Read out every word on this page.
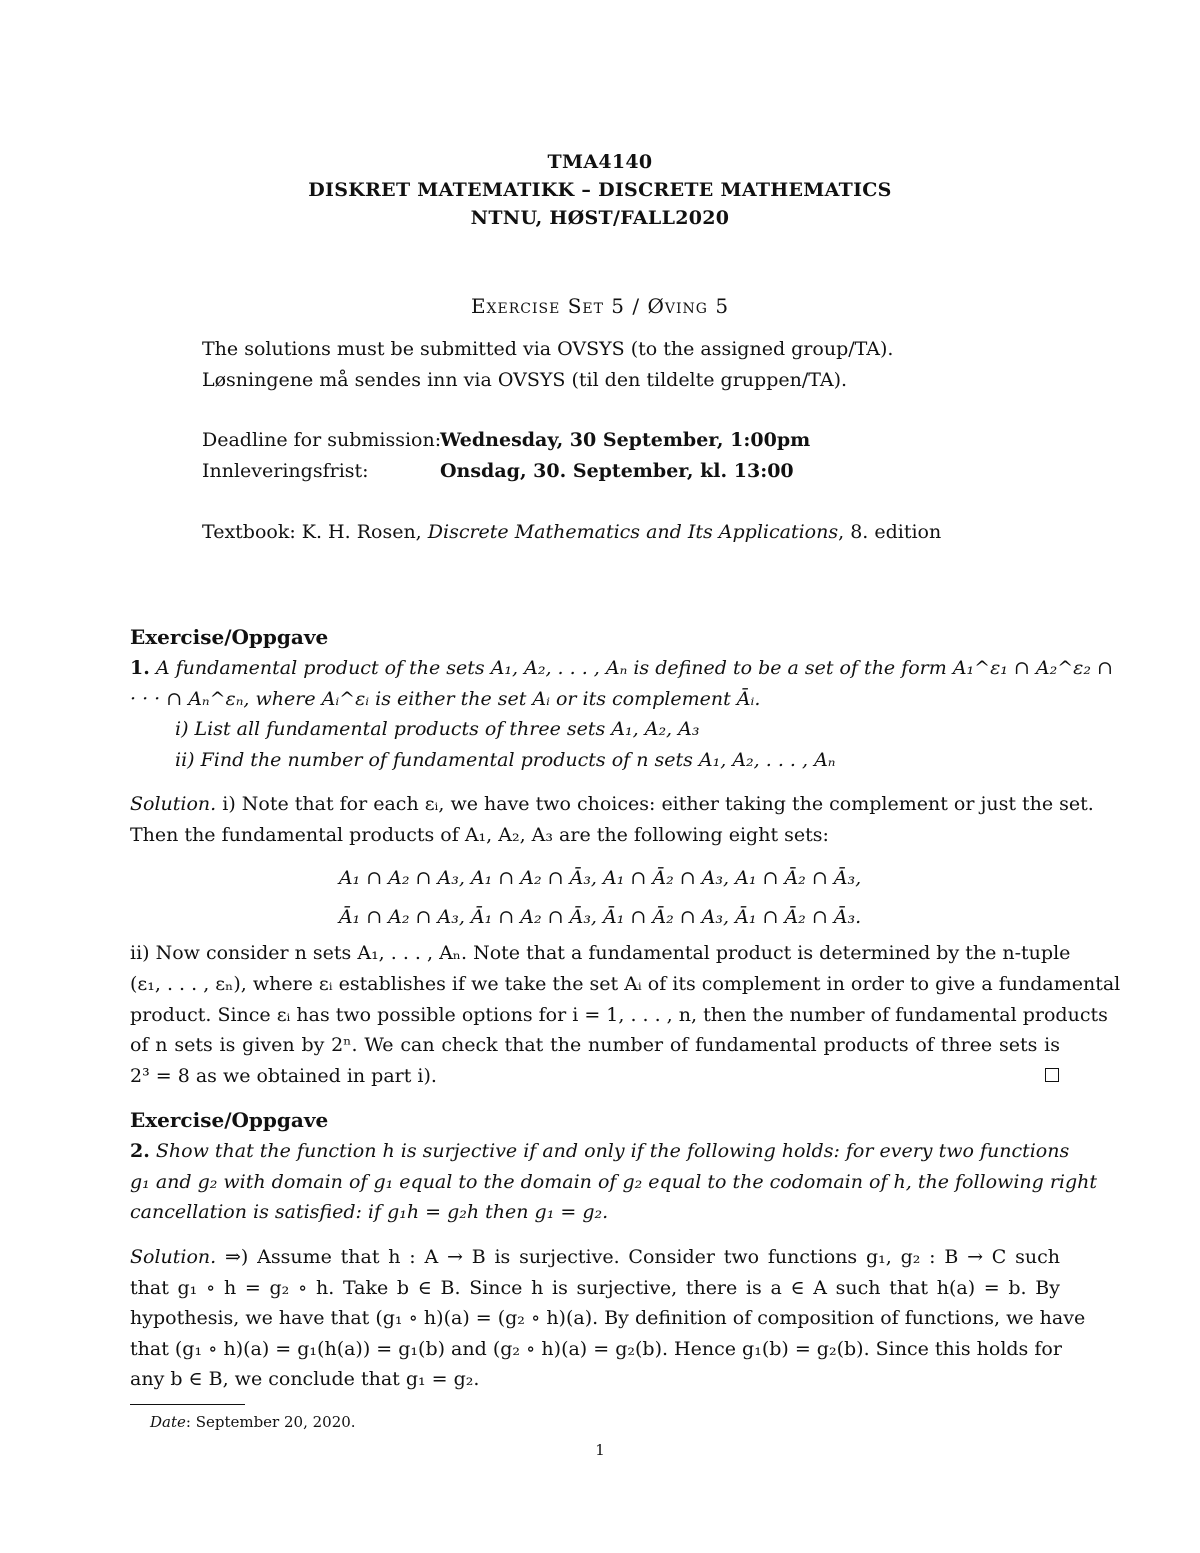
TMA4140
DISKRET MATEMATIKK – DISCRETE MATHEMATICS
NTNU, HØST/FALL2020
Exercise Set 5 / Øving 5
The solutions must be submitted via OVSYS (to the assigned group/TA).
Løsningene må sendes inn via OVSYS (til den tildelte gruppen/TA).
Deadline for submission:
Wednesday, 30 September, 1:00pm
Innleveringsfrist:	Onsdag, 30. September, kl. 13:00
Textbook: K. H. Rosen, Discrete Mathematics and Its Applications, 8. edition
Exercise/Oppgave
1. A fundamental product of the sets A₁, A₂, . . . , Aₙ is defined to be a set of the form A₁^ε₁ ∩ A₂^ε₂ ∩
· · · ∩ Aₙ^εₙ, where Aᵢ^εᵢ is either the set Aᵢ or its complement Āᵢ.
i) List all fundamental products of three sets A₁, A₂, A₃
ii) Find the number of fundamental products of n sets A₁, A₂, . . . , Aₙ
Solution. i) Note that for each εᵢ, we have two choices: either taking the complement or just the set.
Then the fundamental products of A₁, A₂, A₃ are the following eight sets:
A₁ ∩ A₂ ∩ A₃, A₁ ∩ A₂ ∩ Ā₃, A₁ ∩ Ā₂ ∩ A₃, A₁ ∩ Ā₂ ∩ Ā₃,
Ā₁ ∩ A₂ ∩ A₃, Ā₁ ∩ A₂ ∩ Ā₃, Ā₁ ∩ Ā₂ ∩ A₃, Ā₁ ∩ Ā₂ ∩ Ā₃.
ii) Now consider n sets A₁, . . . , Aₙ. Note that a fundamental product is determined by the n-tuple
(ε₁, . . . , εₙ), where εᵢ establishes if we take the set Aᵢ of its complement in order to give a fundamental
product. Since εᵢ has two possible options for i = 1, . . . , n, then the number of fundamental products
of n sets is given by 2ⁿ. We can check that the number of fundamental products of three sets is
2³ = 8 as we obtained in part i).
Exercise/Oppgave
2. Show that the function h is surjective if and only if the following holds: for every two functions
g₁ and g₂ with domain of g₁ equal to the domain of g₂ equal to the codomain of h, the following right
cancellation is satisfied: if g₁h = g₂h then g₁ = g₂.
Solution. ⇒) Assume that h : A → B is surjective. Consider two functions g₁, g₂ : B → C such
that g₁ ∘ h = g₂ ∘ h. Take b ∈ B. Since h is surjective, there is a ∈ A such that h(a) = b. By
hypothesis, we have that (g₁ ∘ h)(a) = (g₂ ∘ h)(a). By definition of composition of functions, we have
that (g₁ ∘ h)(a) = g₁(h(a)) = g₁(b) and (g₂ ∘ h)(a) = g₂(b). Hence g₁(b) = g₂(b). Since this holds for
any b ∈ B, we conclude that g₁ = g₂.
Date: September 20, 2020.
1
